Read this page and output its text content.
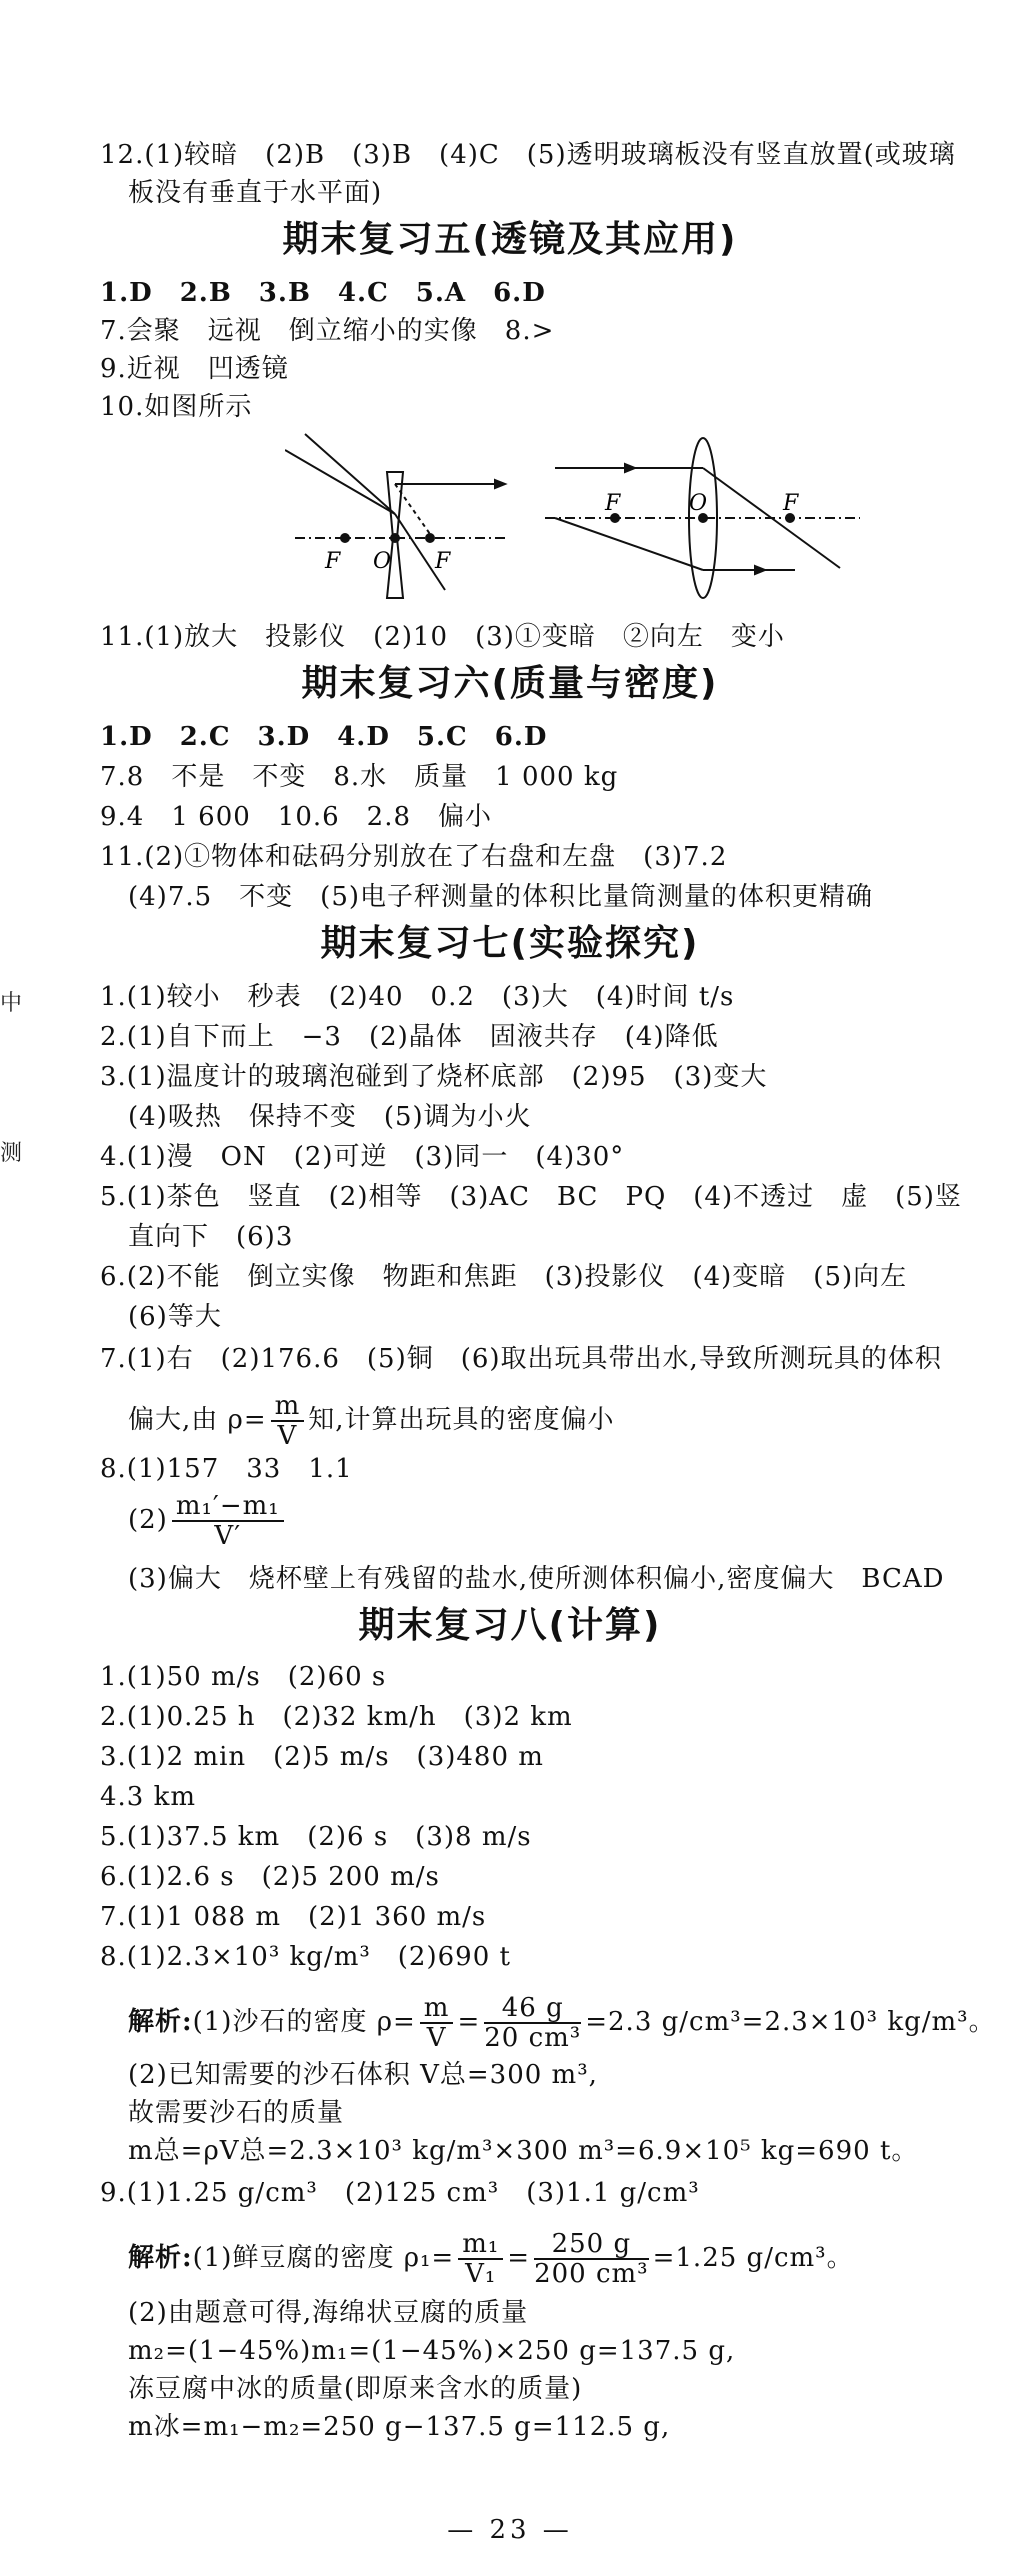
12.(1)较暗　(2)B　(3)B　(4)C　(5)透明玻璃板没有竖直放置(或玻璃
板没有垂直于水平面)
期末复习五(透镜及其应用)
1.D　2.B　3.B　4.C　5.A　6.D
7.会聚　远视　倒立缩小的实像　8.>
9.近视　凹透镜
10.如图所示
F O F
F	O	F
11.(1)放大　投影仪　(2)10　(3)①变暗　②向左　变小
期末复习六(质量与密度)
1.D　2.C　3.D　4.D　5.C　6.D
7.8　不是　不变　8.水　质量　1 000 kg
9.4　1 600　10.6　2.8　偏小
11.(2)①物体和砝码分别放在了右盘和左盘　(3)7.2
(4)7.5　不变　(5)电子秤测量的体积比量筒测量的体积更精确
期末复习七(实验探究)
中	1.(1)较小　秒表　(2)40　0.2　(3)大　(4)时间 t/s
2.(1)自下而上　−3　(2)晶体　固液共存　(4)降低
3.(1)温度计的玻璃泡碰到了烧杯底部　(2)95　(3)变大
测
(4)吸热　保持不变　(5)调为小火
4.(1)漫　ON　(2)可逆　(3)同一　(4)30°
5.(1)茶色　竖直　(2)相等　(3)AC　BC　PQ　(4)不透过　虚　(5)竖
直向下　(6)3
6.(2)不能　倒立实像　物距和焦距　(3)投影仪　(4)变暗　(5)向左
(6)等大
7.(1)右　(2)176.6　(5)铜　(6)取出玩具带出水,导致所测玩具的体积
偏大,由 $\rho= \frac{m}{V}$ 知,计算出玩具的密度偏小
8.(1)157　33　1.1
$(2) \frac{\text{m₁′−m₁}}{V'}$
(3)偏大　烧杯壁上有残留的盐水,使所测体积偏小,密度偏大　BCAD
期末复习八(计算)
1.(1)50 m/s　(2)60 s
2.(1)0.25 h　(2)32 km/h　(3)2 km
3.(1)2 min　(2)5 m/s　(3)480 m
4.3 km
5.(1)37.5 km　(2)6 s　(3)8 m/s
6.(1)2.6 s　(2)5 200 m/s
7.(1)1 088 m　(2)1 360 m/s
8.(1)2.3×10³ kg/m³　(2)690 t
解析:(1)沙石的密度 $\rho= \frac{m}{V} = \frac{46 g}{\text{20 cm³}} =2.3$ g/cm³=2.3×10³ kg/m³。
(2)已知需要的沙石体积 V总=300 m³,
故需要沙石的质量
m总=ρV总=2.3×10³ kg/m³×300 m³=6.9×10⁵ kg=690 t。
9.(1)1.25 g/cm³　(2)125 cm³　(3)1.1 g/cm³
解析:(1)鲜豆腐的密度 $\rho_1= \frac{\text{m₁}}{\text{V₁}} = \frac{250 g}{\text{200 cm³}} =1.25$ g/cm³。
(2)由题意可得,海绵状豆腐的质量
m₂=(1−45%)m₁=(1−45%)×250 g=137.5 g,
冻豆腐中冰的质量(即原来含水的质量)
m冰=m₁−m₂=250 g−137.5 g=112.5 g,
— 23 —
